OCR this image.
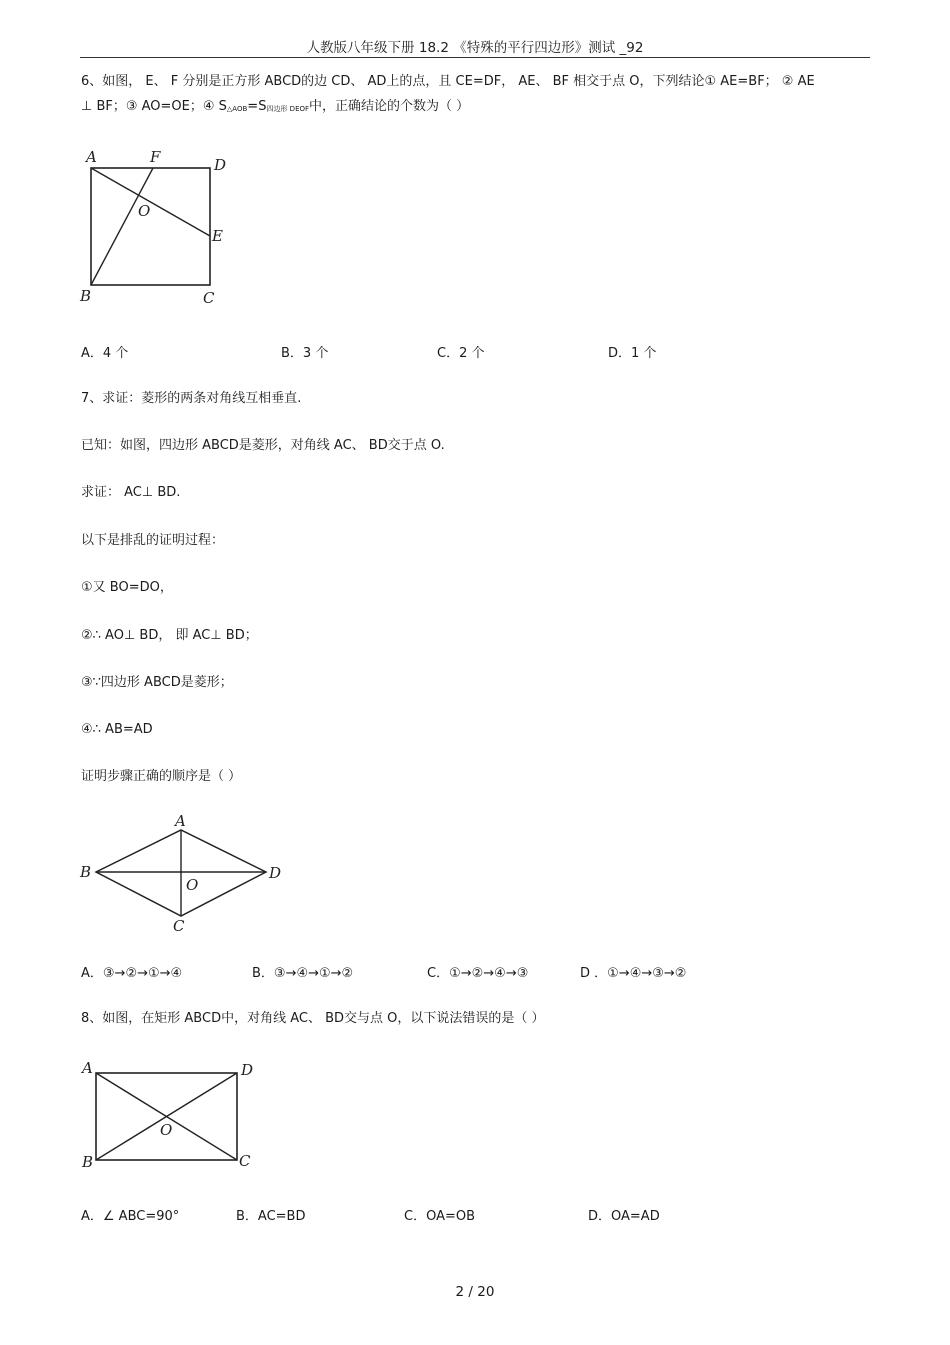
人教版八年级下册 18.2 《特殊的平行四边形》测试 _92
6、如图， E、 F 分别是正方形 ABCD的边 CD、 AD上的点，且 CE=DF， AE、 BF 相交于点 O，下列结论① AE=BF； ② AE
⊥ BF；③ AO=OE；④ S△AOB=S四边形 DEOF中，正确结论的个数为（ ）
A	F	D
O
E
B	C
A．4 个	B．3 个	C．2 个	D．1 个
7、求证：菱形的两条对角线互相垂直.
已知：如图，四边形 ABCD是菱形，对角线 AC、 BD交于点 O.
求证： AC⊥ BD.
以下是排乱的证明过程：
①又 BO=DO，
②∴ AO⊥ BD， 即 AC⊥ BD；
③∵四边形 ABCD是菱形；
④∴ AB=AD
证明步骤正确的顺序是（ ）
A
B
O
D
C
A．③→②→①→④	B．③→④→①→②	C．①→②→④→③	D ．①→④→③→②
8、如图，在矩形 ABCD中，对角线 AC、 BD交与点 O，以下说法错误的是（ ）
A	D
O
B	C
A．∠ ABC=90°	B．AC=BD	C．OA=OB	D．OA=AD
2 / 20
